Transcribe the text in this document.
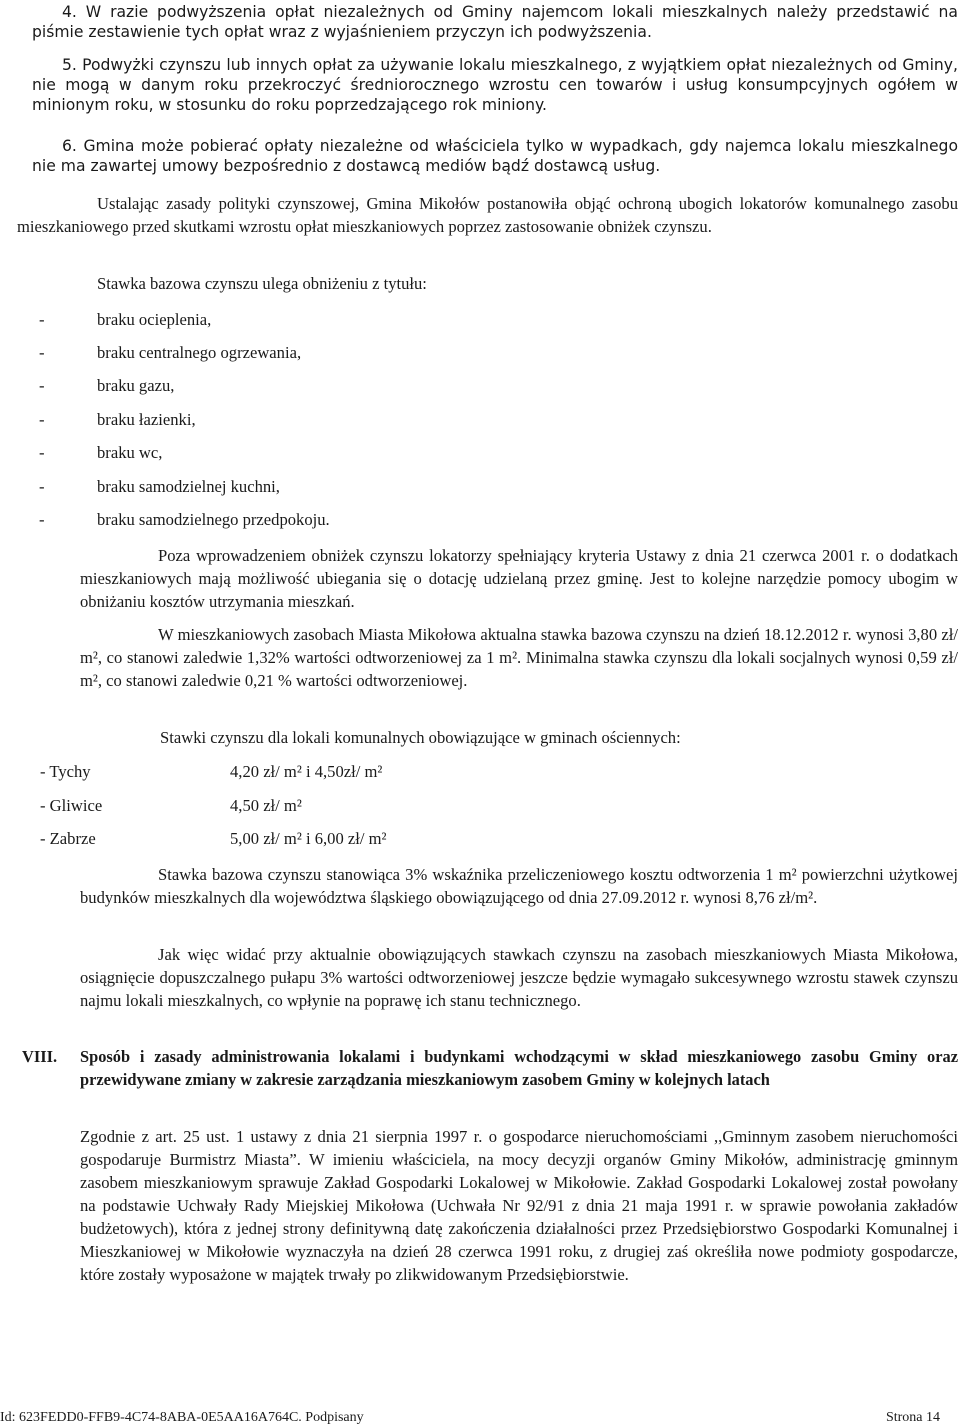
4. W razie podwyższenia opłat niezależnych od Gminy najemcom lokali mieszkalnych należy przedstawić na piśmie zestawienie tych opłat wraz z wyjaśnieniem przyczyn ich podwyższenia.

5. Podwyżki czynszu lub innych opłat za używanie lokalu mieszkalnego, z wyjątkiem opłat niezależnych od Gminy, nie mogą w danym roku przekroczyć średniorocznego wzrostu cen towarów i usług konsumpcyjnych ogółem w minionym roku, w stosunku do roku poprzedzającego rok miniony.

6. Gmina może pobierać opłaty niezależne od właściciela tylko w wypadkach, gdy najemca lokalu mieszkalnego nie ma zawartej umowy bezpośrednio z dostawcą mediów bądź dostawcą usług.

Ustalając zasady polityki czynszowej, Gmina Mikołów postanowiła objąć ochroną ubogich lokatorów komunalnego zasobu mieszkaniowego przed skutkami wzrostu opłat mieszkaniowych poprzez zastosowanie obniżek czynszu.

Stawka bazowa czynszu ulega obniżeniu z tytułu:

-	braku ocieplenia,
-	braku centralnego ogrzewania,
-	braku gazu,
-	braku łazienki,
-	braku wc,
-	braku samodzielnej kuchni,
-	braku samodzielnego przedpokoju.

Poza wprowadzeniem obniżek czynszu lokatorzy spełniający kryteria Ustawy z dnia 21 czerwca 2001 r. o dodatkach mieszkaniowych mają możliwość ubiegania się o dotację udzielaną przez gminę. Jest to kolejne narzędzie pomocy ubogim w obniżaniu kosztów utrzymania mieszkań.

W mieszkaniowych zasobach Miasta Mikołowa aktualna stawka bazowa czynszu na dzień 18.12.2012 r. wynosi 3,80 zł/ m², co stanowi zaledwie 1,32% wartości odtworzeniowej za 1 m². Minimalna stawka czynszu dla lokali socjalnych wynosi 0,59 zł/ m², co stanowi zaledwie 0,21 % wartości odtworzeniowej.

Stawki czynszu dla lokali komunalnych obowiązujące w gminach ościennych:

- Tychy	4,20 zł/ m² i 4,50zł/ m²
- Gliwice	4,50 zł/ m²
- Zabrze	5,00 zł/ m² i 6,00 zł/ m²

Stawka bazowa czynszu stanowiąca 3% wskaźnika przeliczeniowego kosztu odtworzenia 1 m² powierzchni użytkowej budynków mieszkalnych dla województwa śląskiego obowiązującego od dnia 27.09.2012 r. wynosi 8,76 zł/m².

Jak więc widać przy aktualnie obowiązujących stawkach czynszu na zasobach mieszkaniowych Miasta Mikołowa, osiągnięcie dopuszczalnego pułapu 3% wartości odtworzeniowej jeszcze będzie wymagało sukcesywnego wzrostu stawek czynszu najmu lokali mieszkalnych, co wpłynie na poprawę ich stanu technicznego.

VIII. Sposób i zasady administrowania lokalami i budynkami wchodzącymi w skład mieszkaniowego zasobu Gminy oraz przewidywane zmiany w zakresie zarządzania mieszkaniowym zasobem Gminy w kolejnych latach

Zgodnie z art. 25 ust. 1 ustawy z dnia 21 sierpnia 1997 r. o gospodarce nieruchomościami ,,Gminnym zasobem nieruchomości gospodaruje Burmistrz Miasta”. W imieniu właściciela, na mocy decyzji organów Gminy Mikołów, administrację gminnym zasobem mieszkaniowym sprawuje Zakład Gospodarki Lokalowej w Mikołowie. Zakład Gospodarki Lokalowej został powołany na podstawie Uchwały Rady Miejskiej Mikołowa (Uchwała Nr 92/91 z dnia 21 maja 1991 r. w sprawie powołania zakładów budżetowych), która z jednej strony definitywną datę zakończenia działalności przez Przedsiębiorstwo Gospodarki Komunalnej i Mieszkaniowej w Mikołowie wyznaczyła na dzień 28 czerwca 1991 roku, z drugiej zaś określiła nowe podmioty gospodarcze, które zostały wyposażone w majątek trwały po zlikwidowanym Przedsiębiorstwie.

Id: 623FEDD0-FFB9-4C74-8ABA-0E5AA16A764C. Podpisany	Strona 14
